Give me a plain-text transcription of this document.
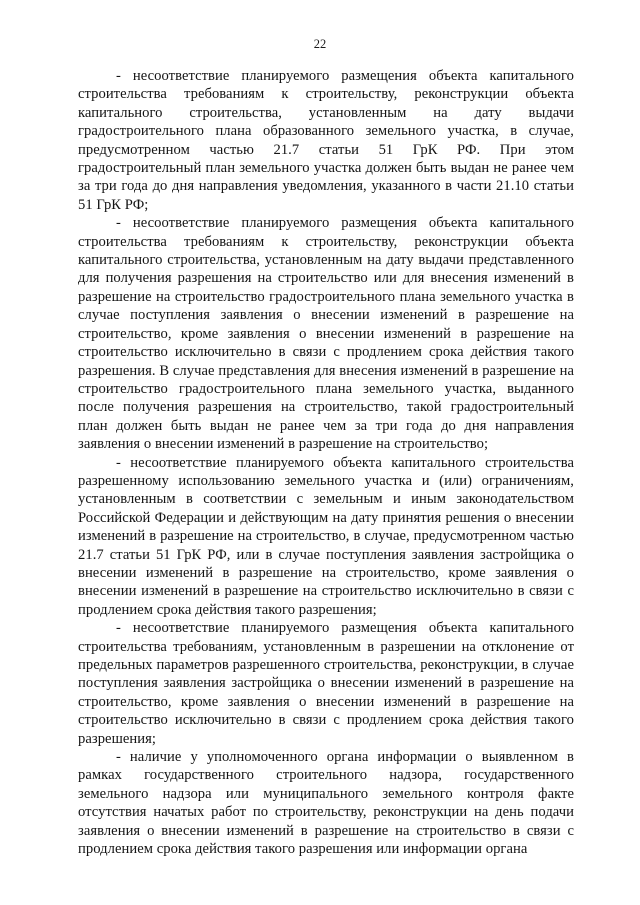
22

- несоответствие планируемого размещения объекта капитального строительства требованиям к строительству, реконструкции объекта капитального строительства, установленным на дату выдачи градостроительного плана образованного земельного участка, в случае, предусмотренном частью 21.7 статьи 51 ГрК РФ. При этом градостроительный план земельного участка должен быть выдан не ранее чем за три года до дня направления уведомления, указанного в части 21.10 статьи 51 ГрК РФ;

- несоответствие планируемого размещения объекта капитального строительства требованиям к строительству, реконструкции объекта капитального строительства, установленным на дату выдачи представленного для получения разрешения на строительство или для внесения изменений в разрешение на строительство градостроительного плана земельного участка в случае поступления заявления о внесении изменений в разрешение на строительство, кроме заявления о внесении изменений в разрешение на строительство исключительно в связи с продлением срока действия такого разрешения. В случае представления для внесения изменений в разрешение на строительство градостроительного плана земельного участка, выданного после получения разрешения на строительство, такой градостроительный план должен быть выдан не ранее чем за три года до дня направления заявления о внесении изменений в разрешение на строительство;

- несоответствие планируемого объекта капитального строительства разрешенному использованию земельного участка и (или) ограничениям, установленным в соответствии с земельным и иным законодательством Российской Федерации и действующим на дату принятия решения о внесении изменений в разрешение на строительство, в случае, предусмотренном частью 21.7 статьи 51 ГрК РФ, или в случае поступления заявления застройщика о внесении изменений в разрешение на строительство, кроме заявления о внесении изменений в разрешение на строительство исключительно в связи с продлением срока действия такого разрешения;

- несоответствие планируемого размещения объекта капитального строительства требованиям, установленным в разрешении на отклонение от предельных параметров разрешенного строительства, реконструкции, в случае поступления заявления застройщика о внесении изменений в разрешение на строительство, кроме заявления о внесении изменений в разрешение на строительство исключительно в связи с продлением срока действия такого разрешения;

- наличие у уполномоченного органа информации о выявленном в рамках государственного строительного надзора, государственного земельного надзора или муниципального земельного контроля факте отсутствия начатых работ по строительству, реконструкции на день подачи заявления о внесении изменений в разрешение на строительство в связи с продлением срока действия такого разрешения или информации органа
